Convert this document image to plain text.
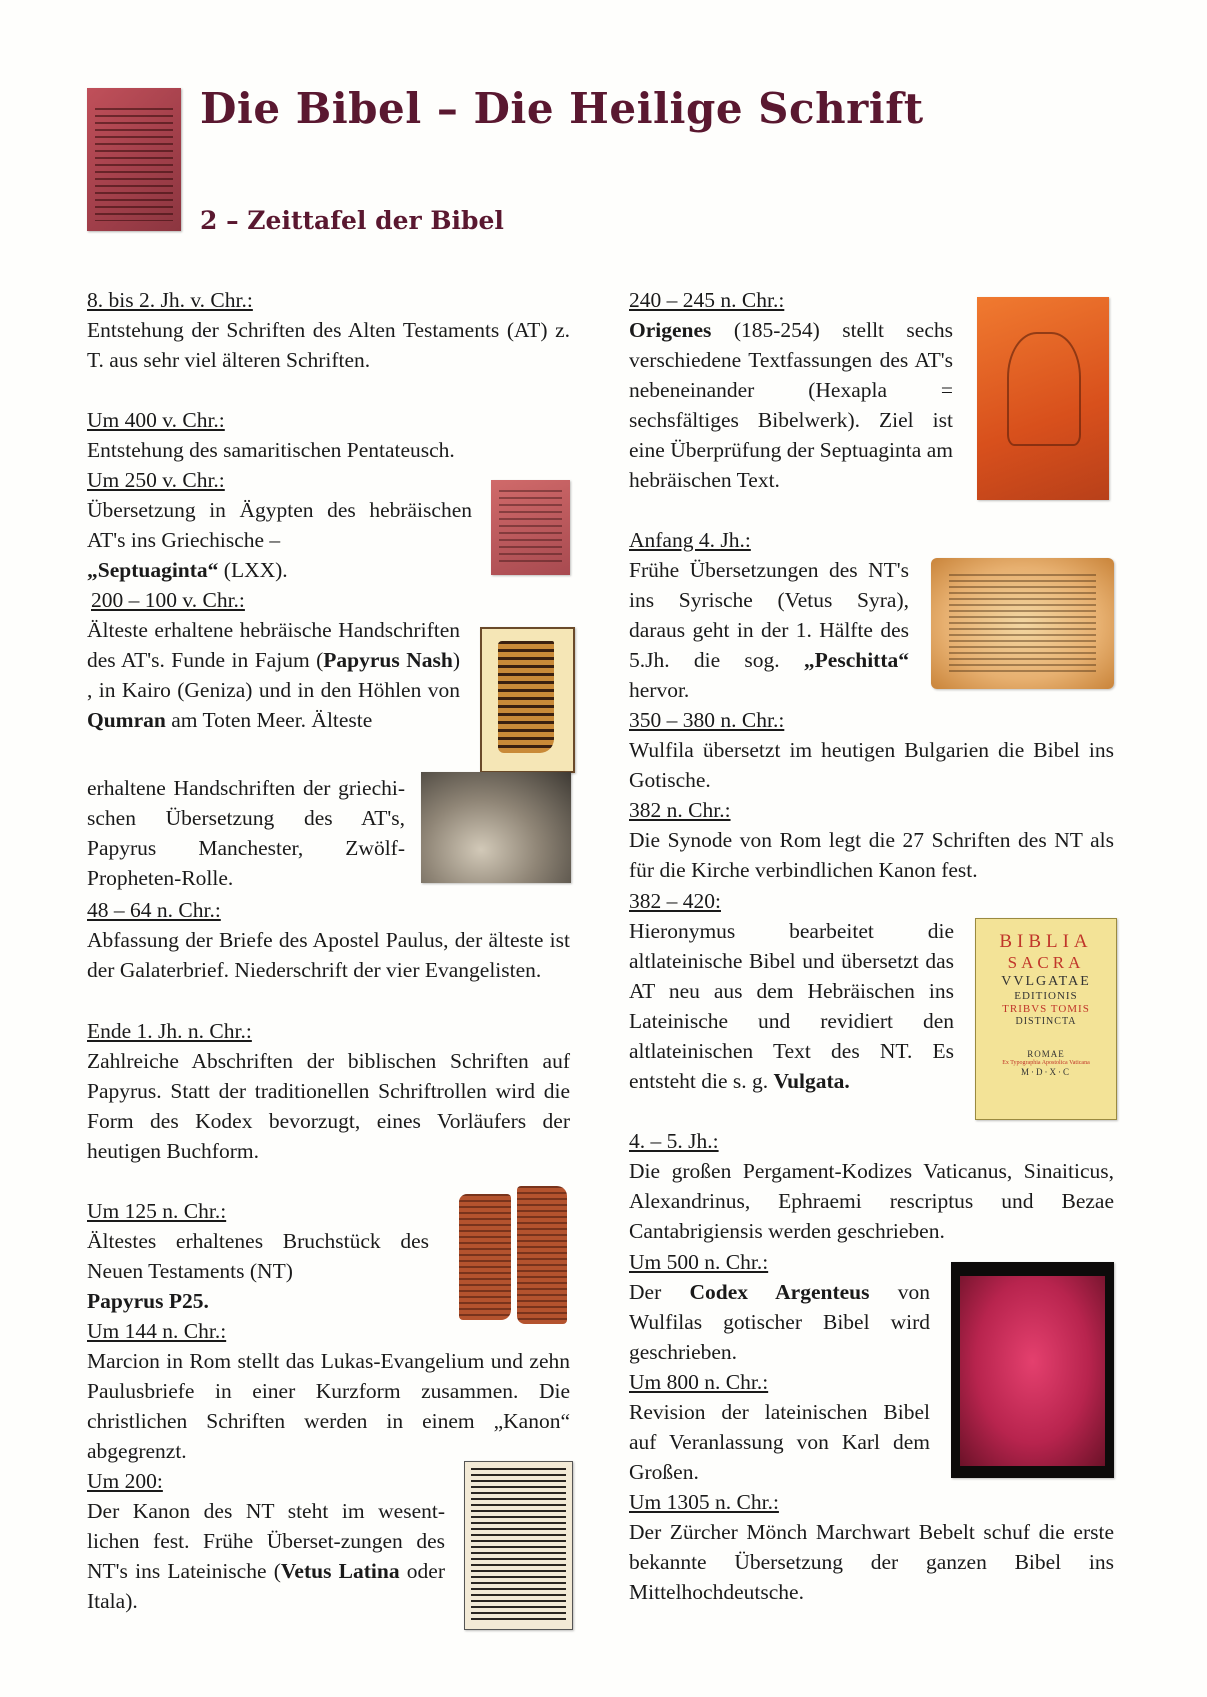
Die Bibel – Die Heilige Schrift
2 – Zeittafel der Bibel
8. bis 2. Jh. v. Chr.:

Entstehung der Schriften des Alten Testaments (AT) z. T. aus sehr viel älteren Schriften.

Um 400 v. Chr.:

Entstehung des samaritischen Pentateusch.

Um 250 v. Chr.:

Übersetzung in Ägypten des hebräischen AT's ins Griechische –
„Septuaginta“ (LXX).

200 – 100 v. Chr.:

Älteste erhaltene hebräische Handschriften des AT's. Funde in Fajum (Papyrus Nash) , in Kairo (Geniza) und in den Höhlen von Qumran am Toten Meer. Älteste

erhaltene Handschriften der griechi-schen Übersetzung des AT's, Papyrus Manchester, Zwölf-Propheten-Rolle.

48 – 64 n. Chr.:

Abfassung der Briefe des Apostel Paulus, der älteste ist der Galaterbrief. Niederschrift der vier Evangelisten.

Ende 1. Jh. n. Chr.:

Zahlreiche Abschriften der biblischen Schriften auf Papyrus. Statt der traditionellen Schriftrollen wird die Form des Kodex bevorzugt, eines Vorläufers der heutigen Buchform.

Um 125 n. Chr.:

Ältestes erhaltenes Bruchstück des Neuen Testaments (NT)
Papyrus P25.

Um 144 n. Chr.:

Marcion in Rom stellt das Lukas-Evangelium und zehn Paulusbriefe in einer Kurzform zusammen. Die christlichen Schriften werden in einem „Kanon“ abgegrenzt.

Um 200:

Der Kanon des NT steht im wesent-lichen fest. Frühe Überset-zungen des NT's ins Lateinische (Vetus Latina oder Itala).

240 – 245 n. Chr.:

Origenes (185-254) stellt sechs verschiedene Textfassungen des AT's nebeneinander (Hexapla = sechsfältiges Bibelwerk). Ziel ist eine Überprüfung der Septuaginta am hebräischen Text.

Anfang 4. Jh.:

Frühe Übersetzungen des NT's ins Syrische (Vetus Syra), daraus geht in der 1. Hälfte des 5.Jh. die sog. „Peschitta“ hervor.

350 – 380 n. Chr.:

Wulfila übersetzt im heutigen Bulgarien die Bibel ins Gotische.

382 n. Chr.:

Die Synode von Rom legt die 27 Schriften des NT als für die Kirche verbindlichen Kanon fest.

382 – 420:

Hieronymus bearbeitet die altlateinische Bibel und übersetzt das AT neu aus dem Hebräischen ins Lateinische und revidiert den altlateinischen Text des NT. Es entsteht die s. g. Vulgata.

4. – 5. Jh.:

Die großen Pergament-Kodizes Vaticanus, Sinaiticus, Alexandrinus, Ephraemi rescriptus und Bezae Cantabrigiensis werden geschrieben.

Um 500 n. Chr.:

Der Codex Argenteus von Wulfilas gotischer Bibel wird geschrieben.

Um 800 n. Chr.:

Revision der lateinischen Bibel auf Veranlassung von Karl dem Großen.

Um 1305 n. Chr.:

Der Zürcher Mönch Marchwart Bebelt schuf die erste bekannte Übersetzung der ganzen Bibel ins Mittelhochdeutsche.

BIBLIA
SACRA
VVLGATAE
EDITIONIS
TRIBVS TOMIS
DISTINCTA
ROMAE
Ex Typographia Apostolica Vaticana
M·D·X·C
